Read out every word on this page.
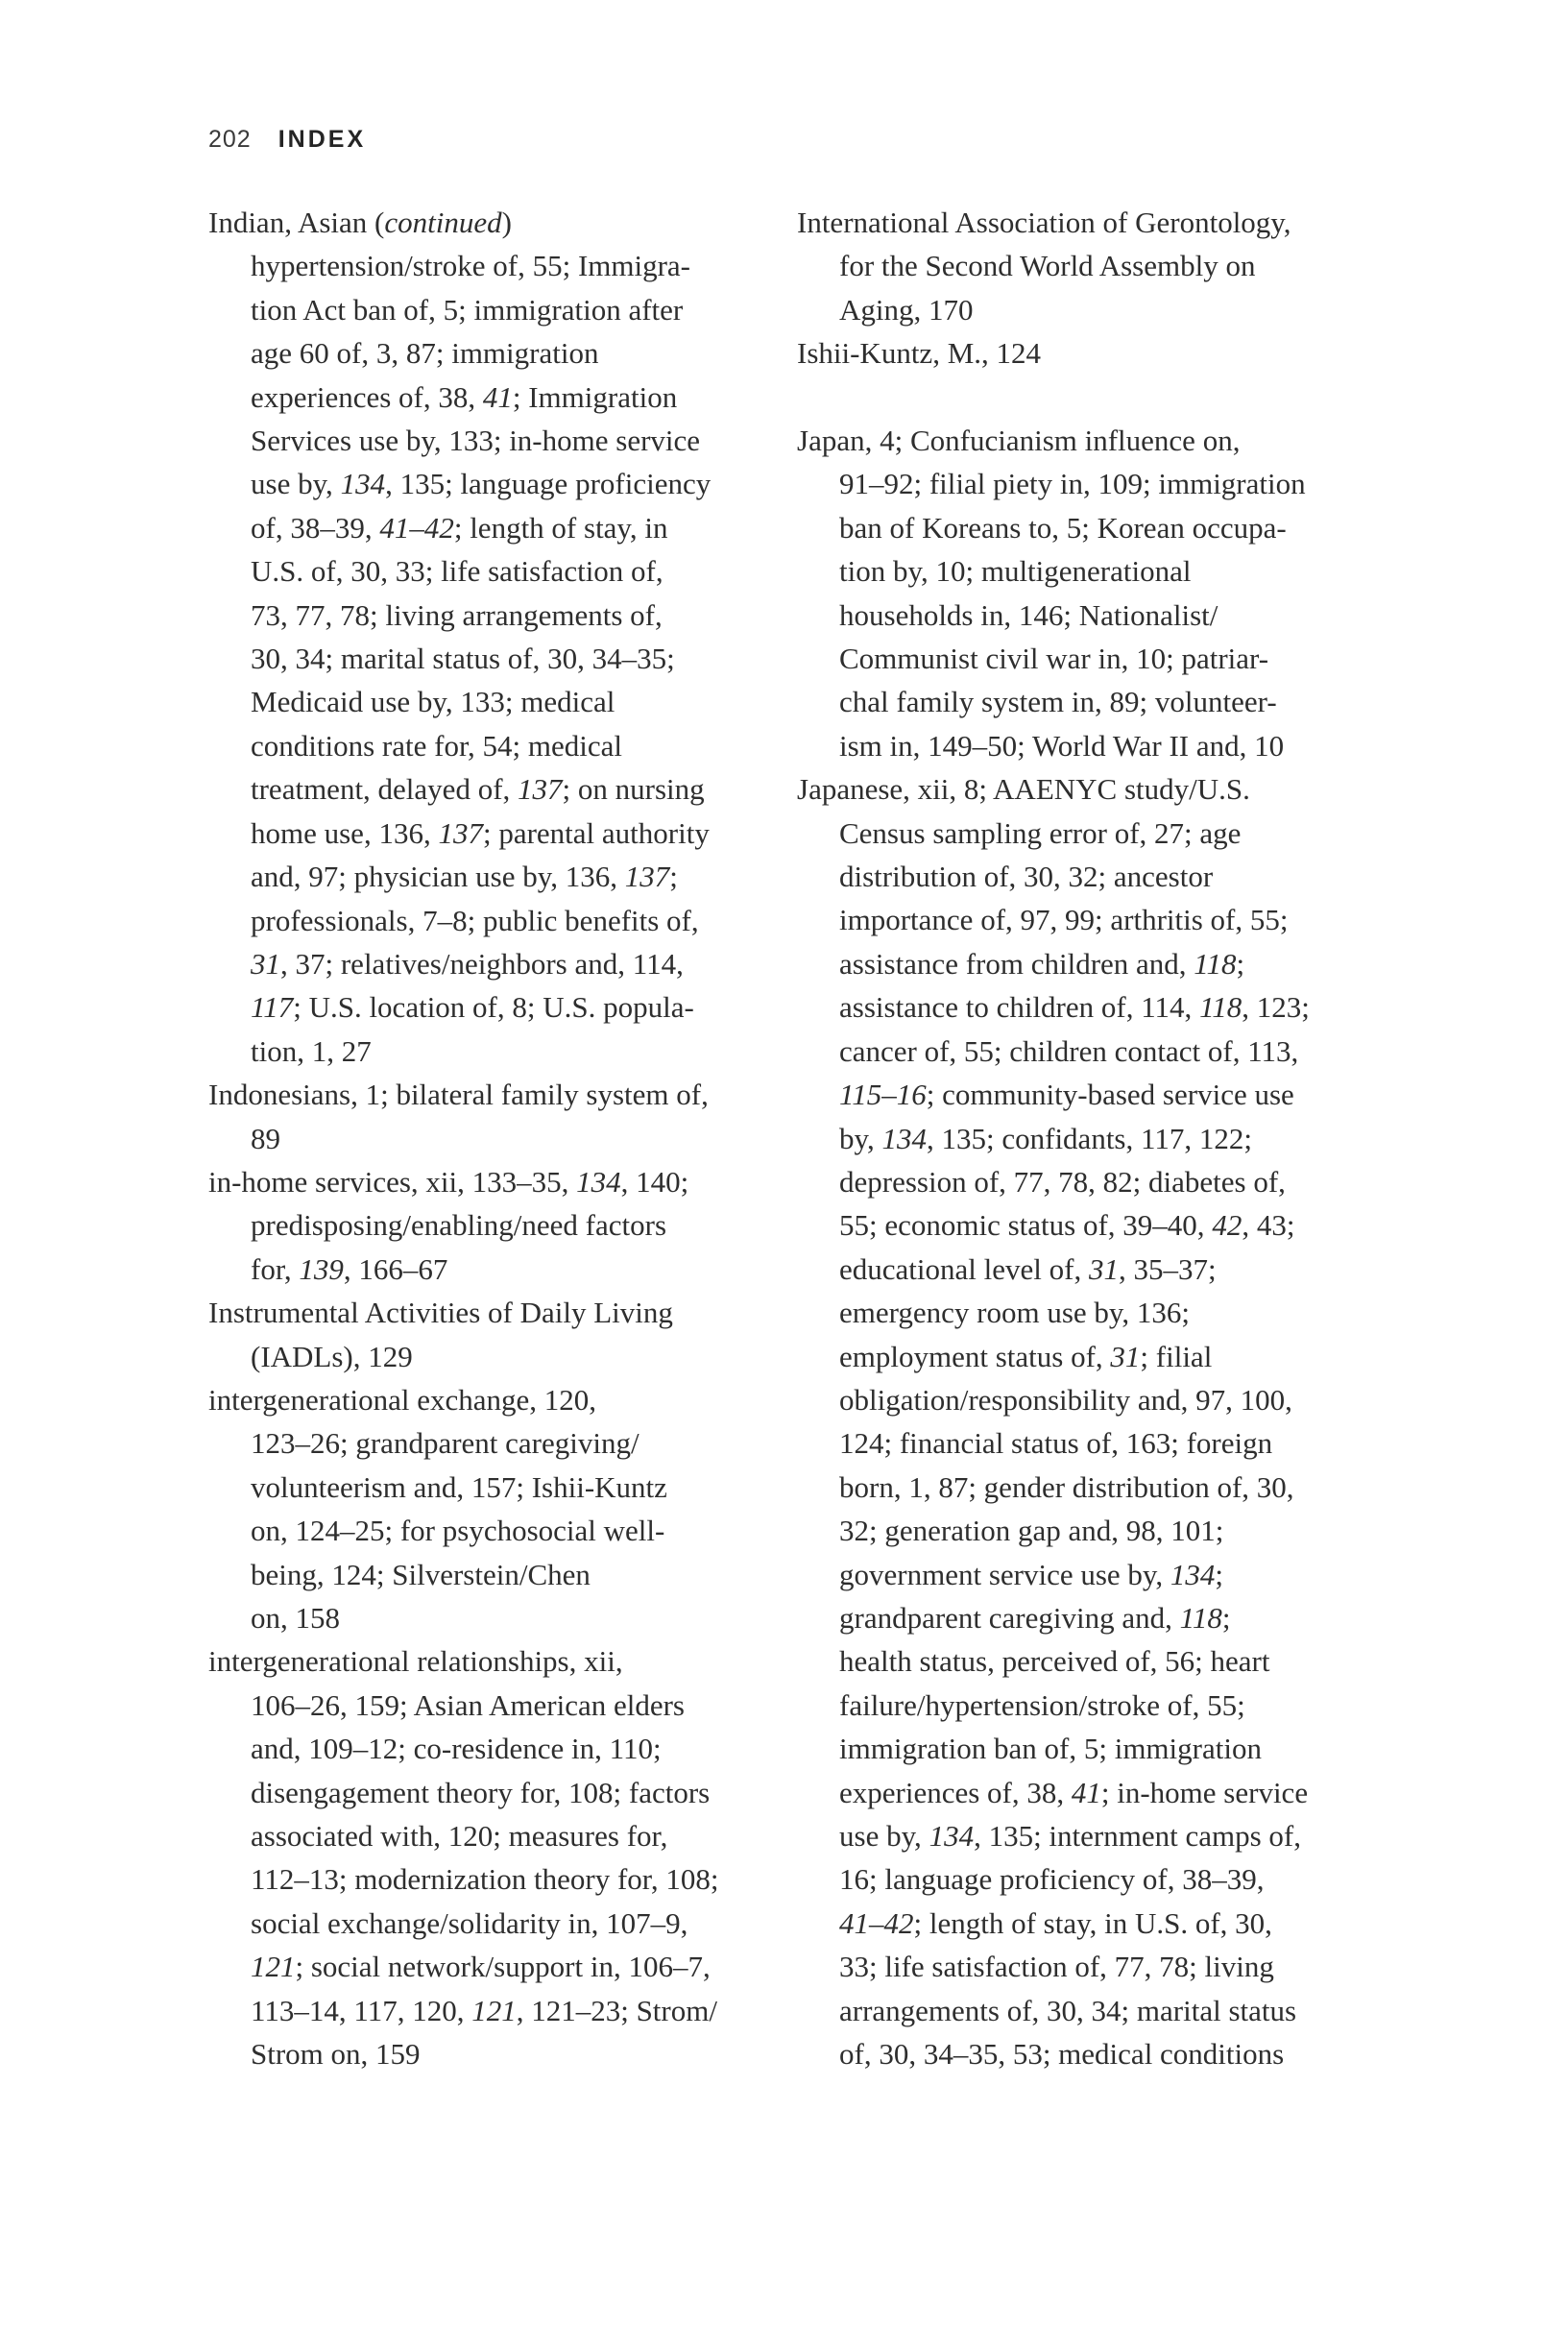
202 INDEX
Indian, Asian (continued)
hypertension/stroke of, 55; Immigra-
tion Act ban of, 5; immigration after
age 60 of, 3, 87; immigration
experiences of, 38, 41; Immigration
Services use by, 133; in-home service
use by, 134, 135; language proficiency
of, 38–39, 41–42; length of stay, in
U.S. of, 30, 33; life satisfaction of,
73, 77, 78; living arrangements of,
30, 34; marital status of, 30, 34–35;
Medicaid use by, 133; medical
conditions rate for, 54; medical
treatment, delayed of, 137; on nursing
home use, 136, 137; parental authority
and, 97; physician use by, 136, 137;
professionals, 7–8; public benefits of,
31, 37; relatives/neighbors and, 114,
117; U.S. location of, 8; U.S. popula-
tion, 1, 27
Indonesians, 1; bilateral family system of,
89
in-home services, xii, 133–35, 134, 140;
predisposing/enabling/need factors
for, 139, 166–67
Instrumental Activities of Daily Living
(IADLs), 129
intergenerational exchange, 120,
123–26; grandparent caregiving/
volunteerism and, 157; Ishii-Kuntz
on, 124–25; for psychosocial well-
being, 124; Silverstein/Chen
on, 158
intergenerational relationships, xii,
106–26, 159; Asian American elders
and, 109–12; co-residence in, 110;
disengagement theory for, 108; factors
associated with, 120; measures for,
112–13; modernization theory for, 108;
social exchange/solidarity in, 107–9,
121; social network/support in, 106–7,
113–14, 117, 120, 121, 121–23; Strom/
Strom on, 159
International Association of Gerontology,
for the Second World Assembly on
Aging, 170
Ishii-Kuntz, M., 124
Japan, 4; Confucianism influence on,
91–92; filial piety in, 109; immigration
ban of Koreans to, 5; Korean occupa-
tion by, 10; multigenerational
households in, 146; Nationalist/
Communist civil war in, 10; patriar-
chal family system in, 89; volunteer-
ism in, 149–50; World War II and, 10
Japanese, xii, 8; AAENYC study/U.S.
Census sampling error of, 27; age
distribution of, 30, 32; ancestor
importance of, 97, 99; arthritis of, 55;
assistance from children and, 118;
assistance to children of, 114, 118, 123;
cancer of, 55; children contact of, 113,
115–16; community-based service use
by, 134, 135; confidants, 117, 122;
depression of, 77, 78, 82; diabetes of,
55; economic status of, 39–40, 42, 43;
educational level of, 31, 35–37;
emergency room use by, 136;
employment status of, 31; filial
obligation/responsibility and, 97, 100,
124; financial status of, 163; foreign
born, 1, 87; gender distribution of, 30,
32; generation gap and, 98, 101;
government service use by, 134;
grandparent caregiving and, 118;
health status, perceived of, 56; heart
failure/hypertension/stroke of, 55;
immigration ban of, 5; immigration
experiences of, 38, 41; in-home service
use by, 134, 135; internment camps of,
16; language proficiency of, 38–39,
41–42; length of stay, in U.S. of, 30,
33; life satisfaction of, 77, 78; living
arrangements of, 30, 34; marital status
of, 30, 34–35, 53; medical conditions
